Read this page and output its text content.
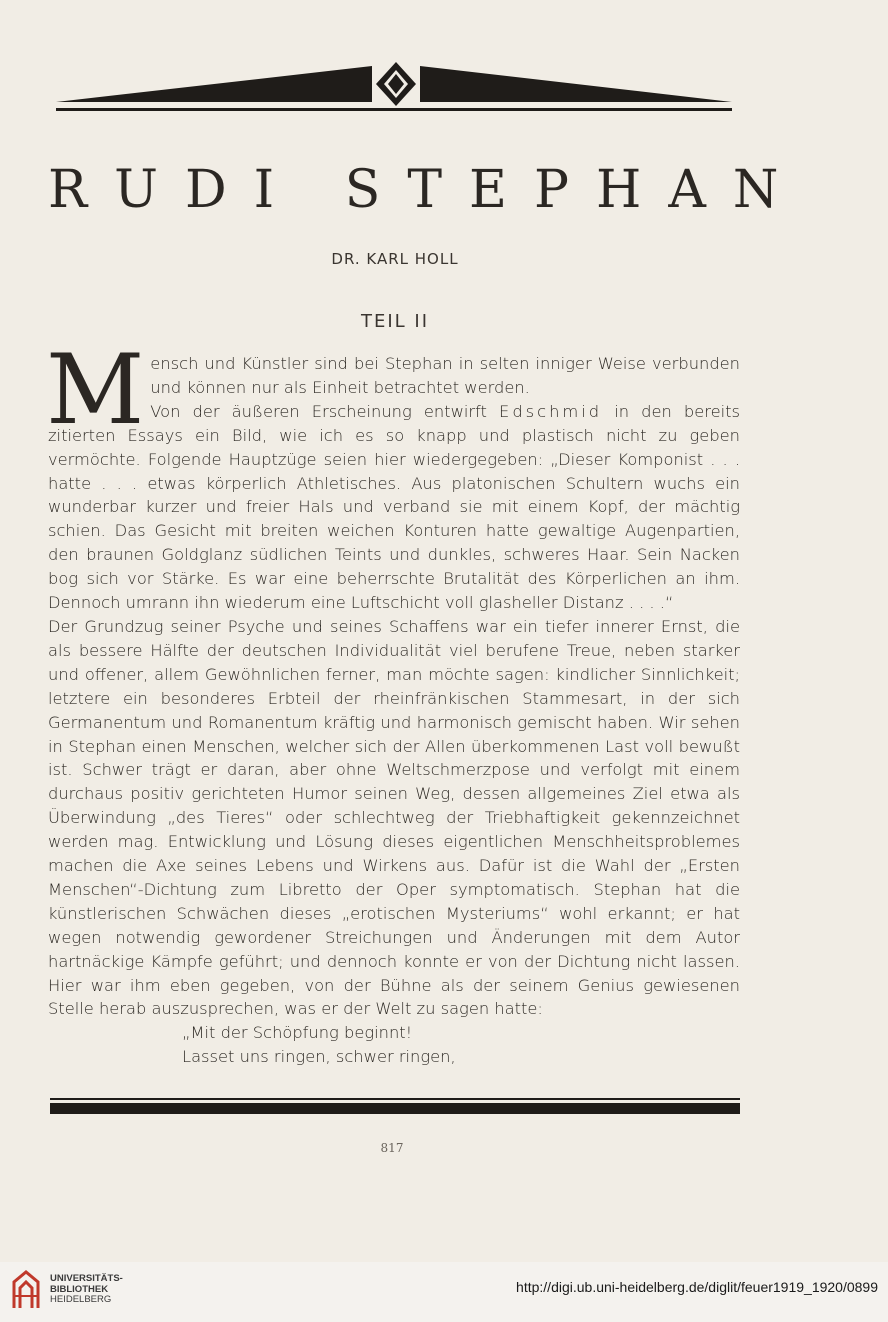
RUDI STEPHAN
DR. KARL HOLL
TEIL II

Mensch und Künstler sind bei Stephan in selten inniger Weise verbunden und können nur als Einheit betrachtet werden.
Von der äußeren Erscheinung entwirft Edschmid in den bereits zitierten Essays ein Bild, wie ich es so knapp und plastisch nicht zu geben vermöchte. Folgende Hauptzüge seien hier wiedergegeben: „Dieser Komponist . . . hatte . . . etwas körperlich Athletisches. Aus platonischen Schultern wuchs ein wunderbar kurzer und freier Hals und verband sie mit einem Kopf, der mächtig schien. Das Gesicht mit breiten weichen Konturen hatte gewaltige Augenpartien, den braunen Goldglanz südlichen Teints und dunkles, schweres Haar. Sein Nacken bog sich vor Stärke. Es war eine beherrschte Brutalität des Körperlichen an ihm. Dennoch umrann ihn wiederum eine Luftschicht voll glasheller Distanz . . . .“

Der Grundzug seiner Psyche und seines Schaffens war ein tiefer innerer Ernst, die als bessere Hälfte der deutschen Individualität viel berufene Treue, neben starker und offener, allem Gewöhnlichen ferner, man möchte sagen: kindlicher Sinnlichkeit; letztere ein besonderes Erbteil der rheinfränkischen Stammesart, in der sich Germanentum und Romanentum kräftig und harmonisch gemischt haben. Wir sehen in Stephan einen Menschen, welcher sich der Allen überkommenen Last voll bewußt ist. Schwer trägt er daran, aber ohne Weltschmerzpose und verfolgt mit einem durchaus positiv gerichteten Humor seinen Weg, dessen allgemeines Ziel etwa als Überwindung „des Tieres“ oder schlechtweg der Triebhaftigkeit gekennzeichnet werden mag. Entwicklung und Lösung dieses eigentlichen Menschheitsproblemes machen die Axe seines Lebens und Wirkens aus. Dafür ist die Wahl der „Ersten Menschen“-Dichtung zum Libretto der Oper symptomatisch. Stephan hat die künstlerischen Schwächen dieses „erotischen Mysteriums“ wohl erkannt; er hat wegen notwendig gewordener Streichungen und Änderungen mit dem Autor hartnäckige Kämpfe geführt; und dennoch konnte er von der Dichtung nicht lassen. Hier war ihm eben gegeben, von der Bühne als der seinem Genius gewiesenen Stelle herab auszusprechen, was er der Welt zu sagen hatte:

„Mit der Schöpfung beginnt!

Lasset uns ringen, schwer ringen,

817
UNIVERSITÄTS-
BIBLIOTHEK
HEIDELBERG
http://digi.ub.uni-heidelberg.de/diglit/feuer1919_1920/0899
